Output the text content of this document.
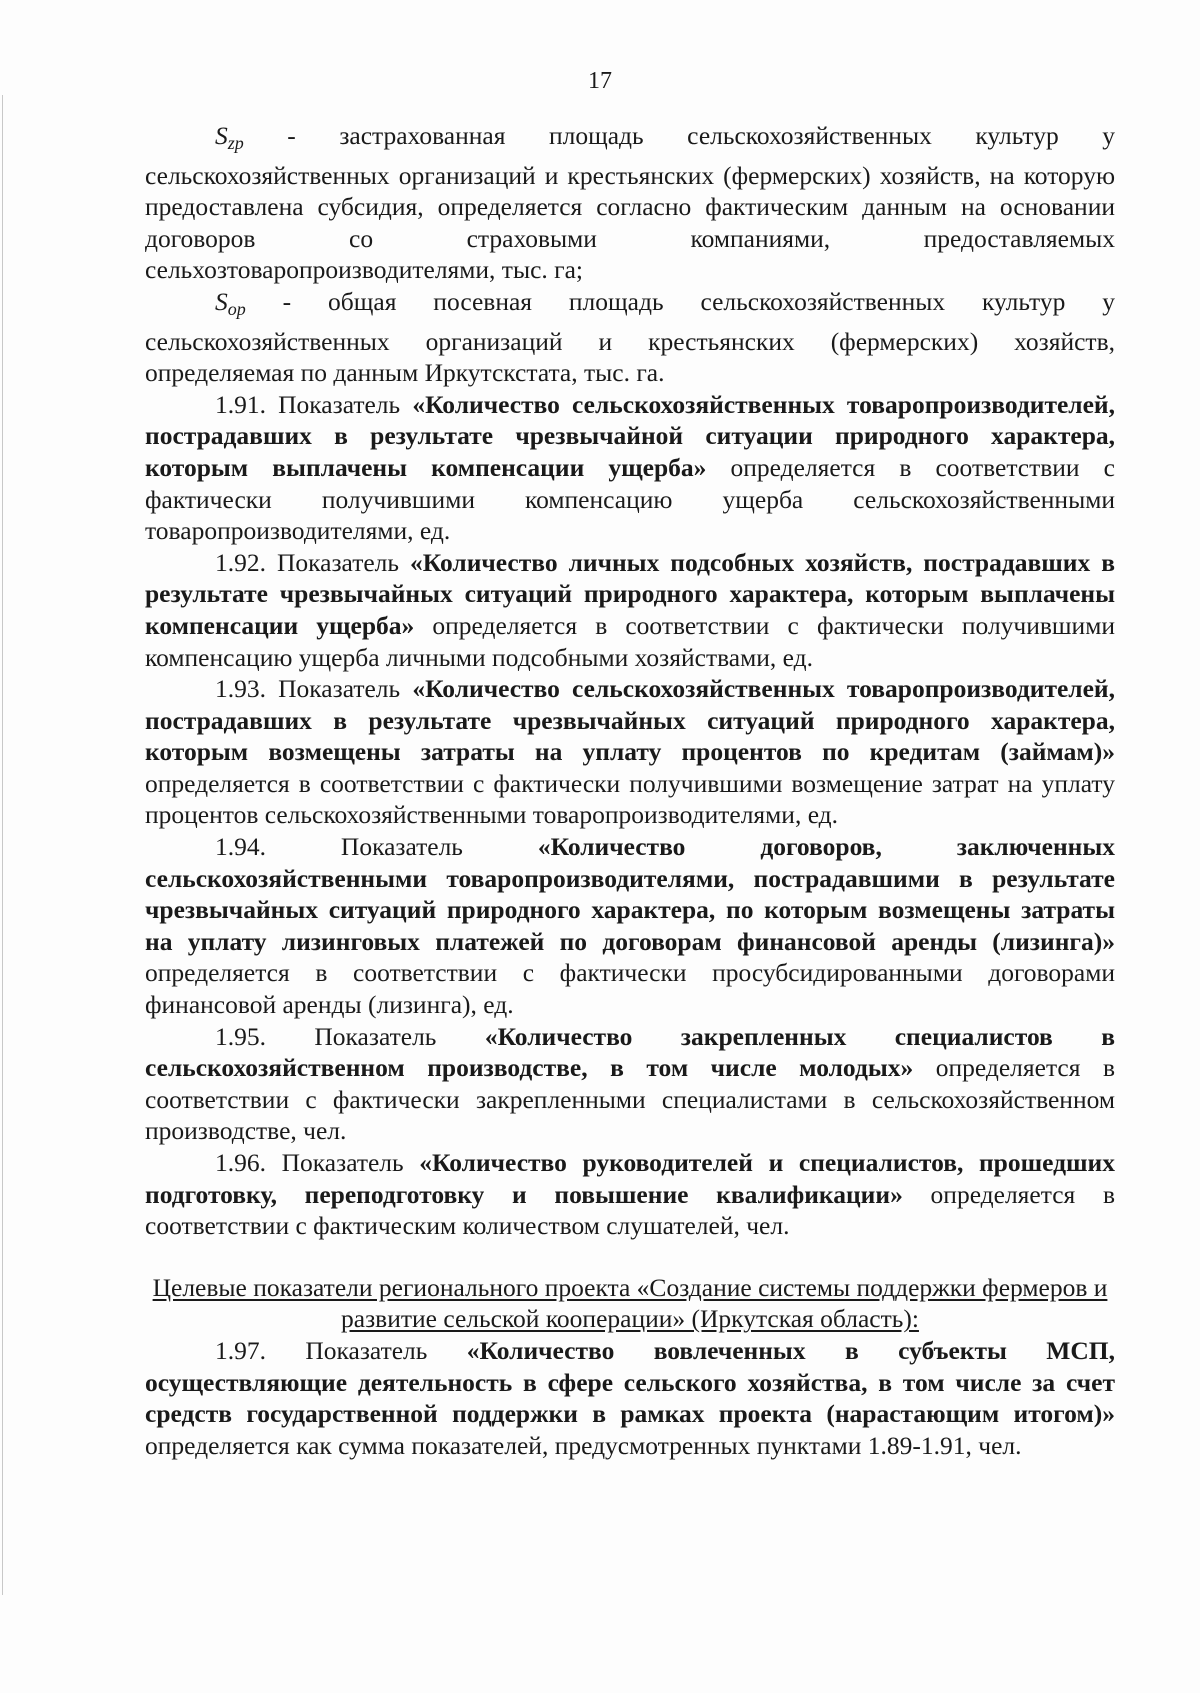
17

$S_{zp}$ - застрахованная площадь сельскохозяйственных культур у сельскохозяйственных организаций и крестьянских (фермерских) хозяйств, на которую предоставлена субсидия, определяется согласно фактическим данным на основании договоров со страховыми компаниями, предоставляемых сельхозтоваропроизводителями, тыс. га;

$S_{op}$ - общая посевная площадь сельскохозяйственных культур у сельскохозяйственных организаций и крестьянских (фермерских) хозяйств, определяемая по данным Иркутскстата, тыс. га.

1.91. Показатель «Количество сельскохозяйственных товаропроизводителей, пострадавших в результате чрезвычайной ситуации природного характера, которым выплачены компенсации ущерба» определяется в соответствии с фактически получившими компенсацию ущерба сельскохозяйственными товаропроизводителями, ед.

1.92. Показатель «Количество личных подсобных хозяйств, пострадавших в результате чрезвычайных ситуаций природного характера, которым выплачены компенсации ущерба» определяется в соответствии с фактически получившими компенсацию ущерба личными подсобными хозяйствами, ед.

1.93. Показатель «Количество сельскохозяйственных товаропроизводителей, пострадавших в результате чрезвычайных ситуаций природного характера, которым возмещены затраты на уплату процентов по кредитам (займам)» определяется в соответствии с фактически получившими возмещение затрат на уплату процентов сельскохозяйственными товаропроизводителями, ед.

1.94. Показатель «Количество договоров, заключенных сельскохозяйственными товаропроизводителями, пострадавшими в результате чрезвычайных ситуаций природного характера, по которым возмещены затраты на уплату лизинговых платежей по договорам финансовой аренды (лизинга)» определяется в соответствии с фактически просубсидированными договорами финансовой аренды (лизинга), ед.

1.95. Показатель «Количество закрепленных специалистов в сельскохозяйственном производстве, в том числе молодых» определяется в соответствии с фактически закрепленными специалистами в сельскохозяйственном производстве, чел.

1.96. Показатель «Количество руководителей и специалистов, прошедших подготовку, переподготовку и повышение квалификации» определяется в соответствии с фактическим количеством слушателей, чел.

Целевые показатели регионального проекта «Создание системы поддержки фермеров и развитие сельской кооперации» (Иркутская область):

1.97. Показатель «Количество вовлеченных в субъекты МСП, осуществляющие деятельность в сфере сельского хозяйства, в том числе за счет средств государственной поддержки в рамках проекта (нарастающим итогом)» определяется как сумма показателей, предусмотренных пунктами 1.89-1.91, чел.
